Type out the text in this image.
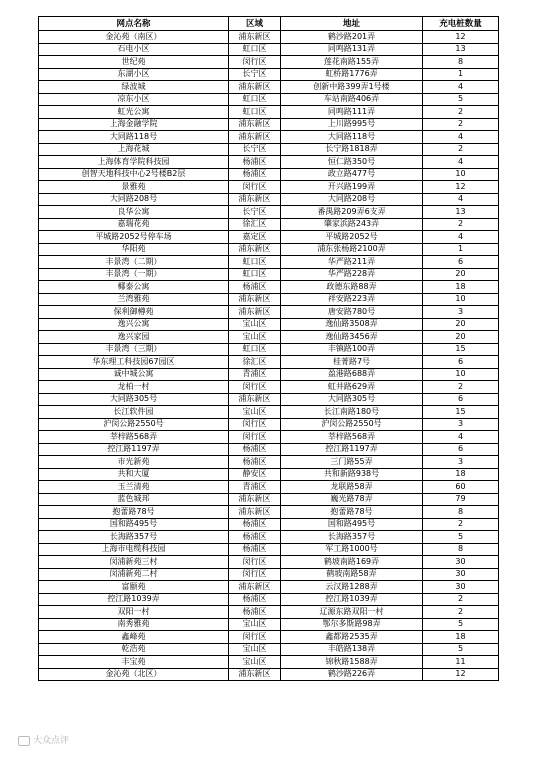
网点名称	区域	地址	充电桩数量
金沁苑（南区）	浦东新区	鹤沙路201弄	12
石电小区	虹口区	同鸣路131弄	13
世纪苑	闵行区	莲花南路155弄	8
东湖小区	长宁区	虹桥路1776弄	1
绿波城	浦东新区	创新中路399弄1号楼	4
凉东小区	虹口区	车站南路406弄	5
虹光公寓	虹口区	同鸣路111弄	2
上海金融学院	浦东新区	上川路995号	2
大同路118号	浦东新区	大同路118号	4
上海花城	长宁区	长宁路1818弄	2
上海体育学院科技园	杨浦区	恒仁路350号	4
创智天地科技中心2号楼B2层	杨浦区	政立路477号	10
景雅苑	闵行区	开兴路199弄	12
大同路208号	浦东新区	大同路208号	4
良华公寓	长宁区	番禺路209弄6支弄	13
嘉瑞花苑	徐汇区	肇家浜路243弄	2
平城路2052号停车场	嘉定区	平城路2052号	4
华阳苑	浦东新区	浦东张杨路2100弄	1
丰景湾（二期）	虹口区	华严路211弄	6
丰景湾（一期）	虹口区	华严路228弄	20
椰泰公寓	杨浦区	政德东路88弄	18
兰湾雅苑	浦东新区	祥安路223弄	10
保利御樽苑	浦东新区	唐安路780号	3
逸兴公寓	宝山区	逸仙路3508弄	20
逸兴家园	宝山区	逸仙路3456弄	20
丰景湾（三期）	虹口区	丰镇路100弄	15
华东理工科技园67园区	徐汇区	桂菁路7号	6
诚中城公寓	青浦区	盈港路688弄	10
龙柏一村	闵行区	虹井路629弄	2
大同路305号	浦东新区	大同路305号	6
长江软件园	宝山区	长江南路180号	15
沪闵公路2550号	闵行区	沪闵公路2550号	3
莘梓路568弄	闵行区	莘梓路568弄	4
控江路1197弄	杨浦区	控江路1197弄	6
市光新苑	杨浦区	三门路55弄	3
共和大厦	静安区	共和新路938号	18
玉兰清苑	青浦区	龙联路58弄	60
蓝色城邦	浦东新区	巍光路78弄	79
抱蕾路78号	浦东新区	抱蕾路78号	8
国和路495号	杨浦区	国和路495号	2
长海路357号	杨浦区	长海路357号	5
上海市电缆科技园	杨浦区	军工路1000号	8
闵浦新苑三村	闵行区	鹤坡南路169弄	30
闵浦新苑二村	闵行区	鹤坡南路58弄	30
富颐苑	浦东新区	云汉路1288弄	30
控江路1039弄	杨浦区	控江路1039弄	2
双阳一村	杨浦区	辽源东路双阳一村	2
南秀雅苑	宝山区	鄂尔多斯路98弄	5
鑫峰苑	闵行区	鑫都路2535弄	18
乾浩苑	宝山区	丰皓路138弄	5
丰宝苑	宝山区	锦秋路1588弄	11
金沁苑（北区）	浦东新区	鹤沙路226弄	12
大众点评
